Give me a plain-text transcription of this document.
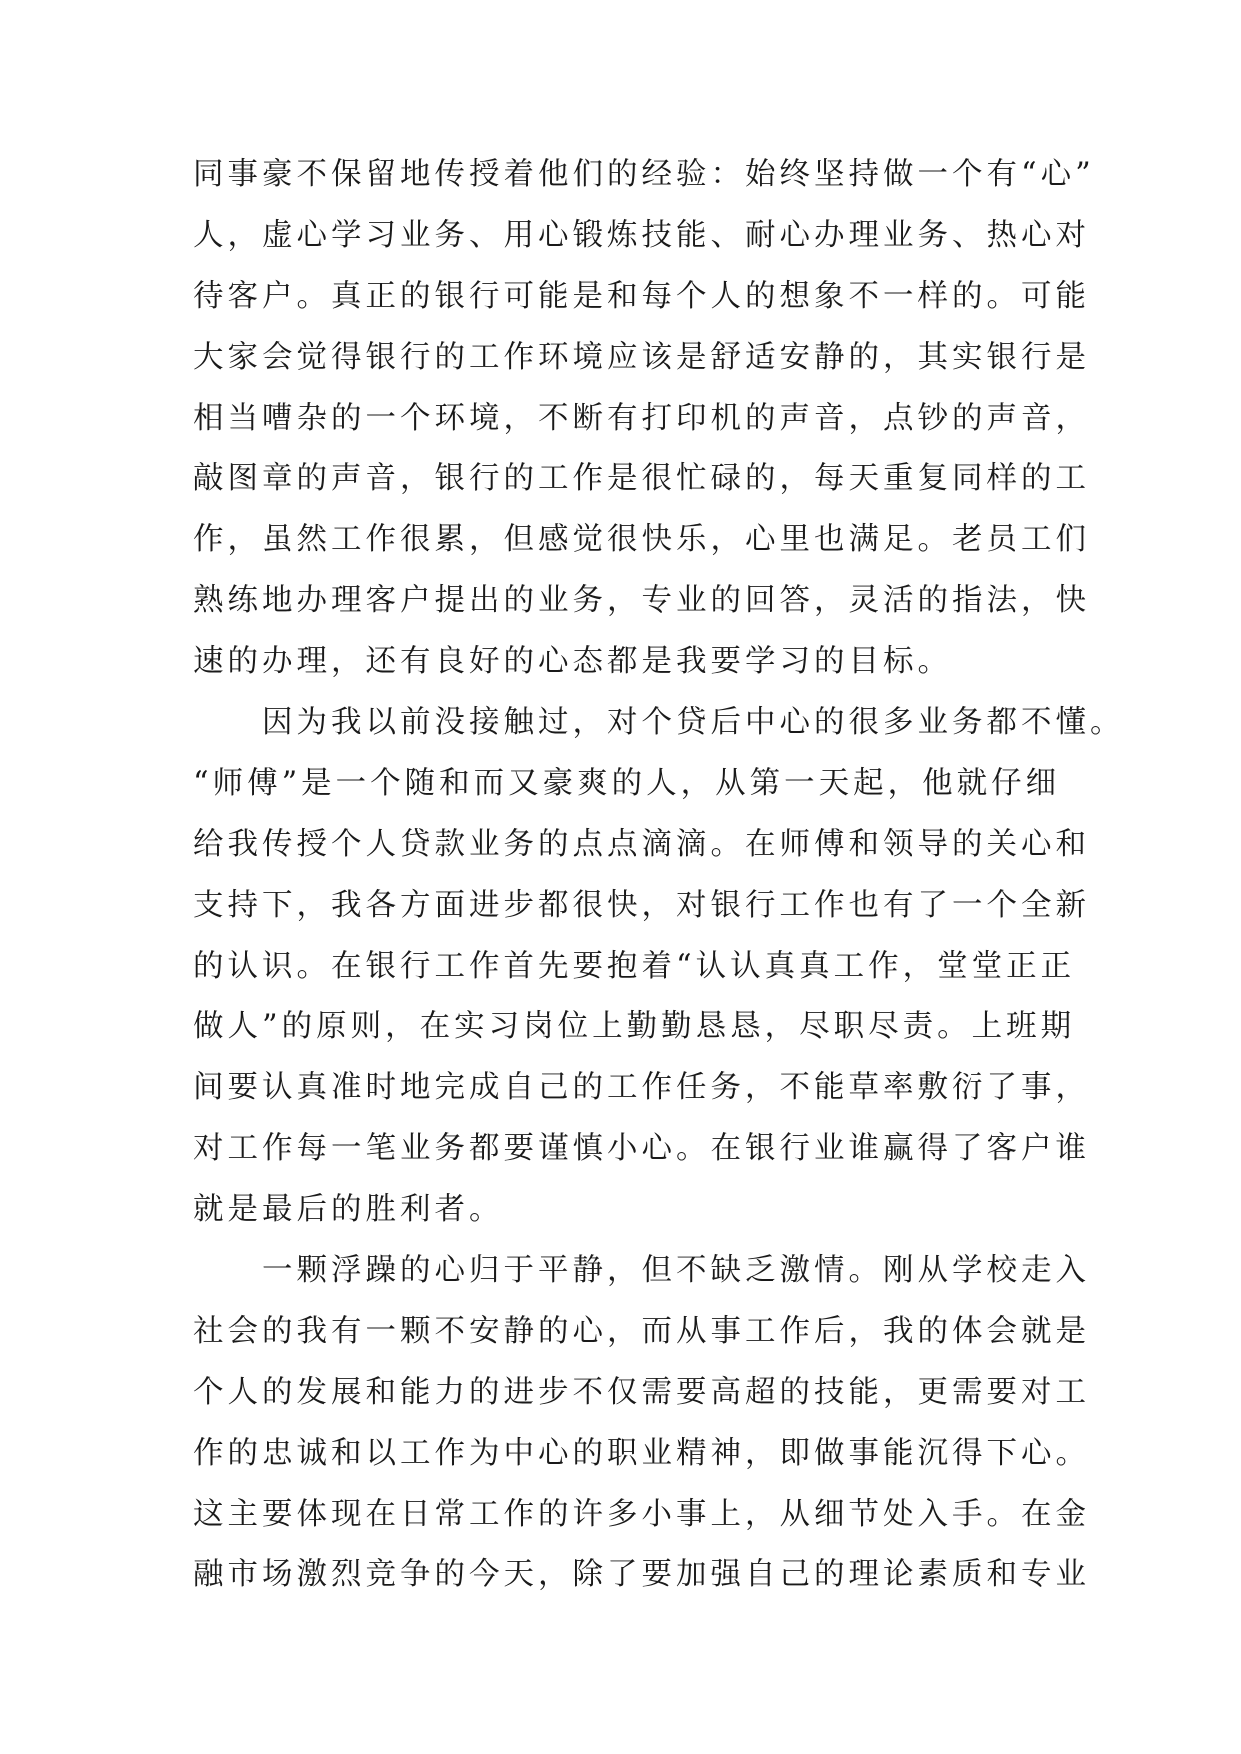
同事豪不保留地传授着他们的经验：始终坚持做一个有“心”
人，虚心学习业务、用心锻炼技能、耐心办理业务、热心对
待客户。真正的银行可能是和每个人的想象不一样的。可能
大家会觉得银行的工作环境应该是舒适安静的，其实银行是
相当嘈杂的一个环境，不断有打印机的声音，点钞的声音，
敲图章的声音，银行的工作是很忙碌的，每天重复同样的工
作，虽然工作很累，但感觉很快乐，心里也满足。老员工们
熟练地办理客户提出的业务，专业的回答，灵活的指法，快
速的办理，还有良好的心态都是我要学习的目标。
　　因为我以前没接触过，对个贷后中心的很多业务都不懂。
“师傅”是一个随和而又豪爽的人，从第一天起，他就仔细
给我传授个人贷款业务的点点滴滴。在师傅和领导的关心和
支持下，我各方面进步都很快，对银行工作也有了一个全新
的认识。在银行工作首先要抱着“认认真真工作，堂堂正正
做人”的原则，在实习岗位上勤勤恳恳，尽职尽责。上班期
间要认真准时地完成自己的工作任务，不能草率敷衍了事，
对工作每一笔业务都要谨慎小心。在银行业谁赢得了客户谁
就是最后的胜利者。
　　一颗浮躁的心归于平静，但不缺乏激情。刚从学校走入
社会的我有一颗不安静的心，而从事工作后，我的体会就是
个人的发展和能力的进步不仅需要高超的技能，更需要对工
作的忠诚和以工作为中心的职业精神，即做事能沉得下心。
这主要体现在日常工作的许多小事上，从细节处入手。在金
融市场激烈竞争的今天，除了要加强自己的理论素质和专业
